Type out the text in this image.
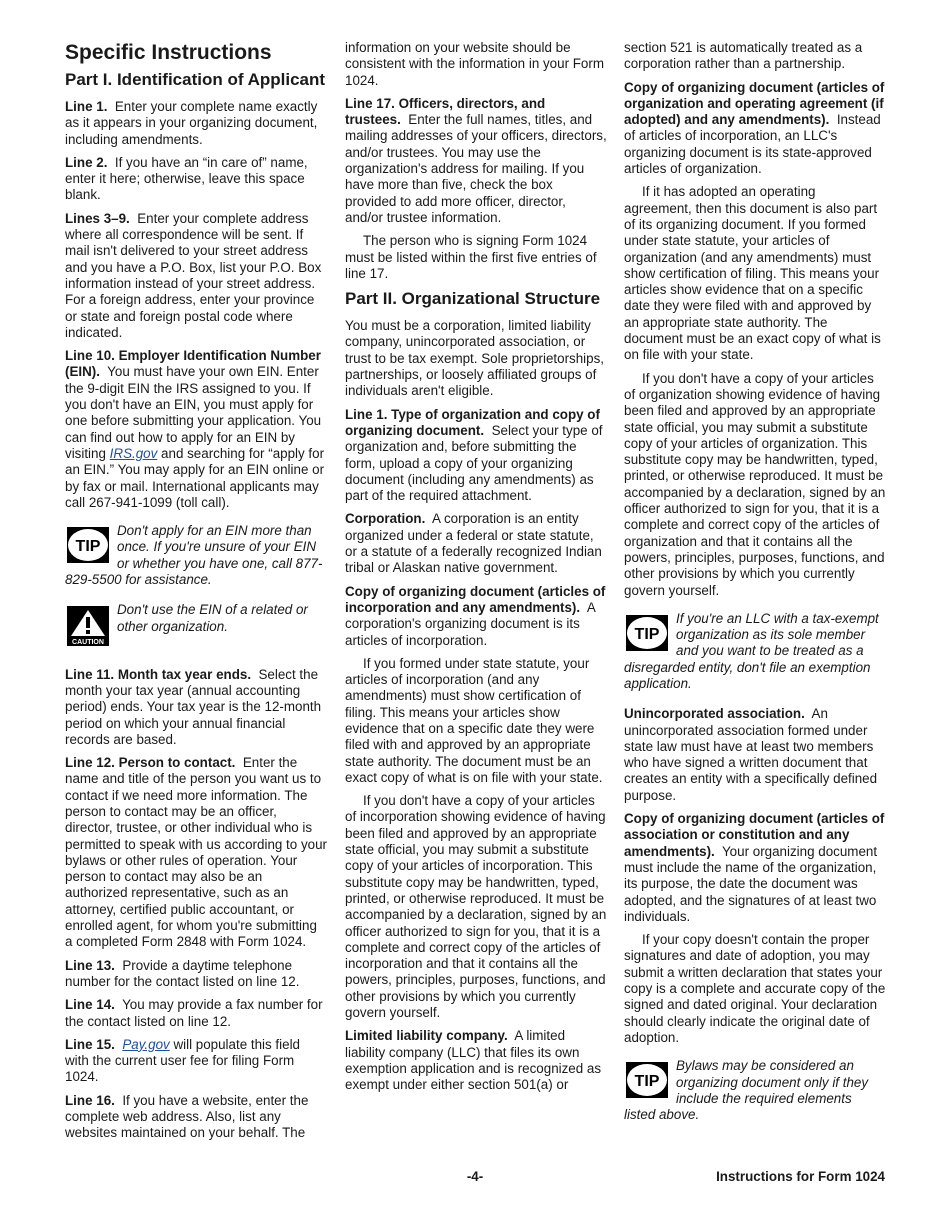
Specific Instructions
Part I. Identification of Applicant

Line 1. Enter your complete name exactly as it appears in your organizing document, including amendments.

Line 2. If you have an “in care of” name, enter it here; otherwise, leave this space blank.

Lines 3–9. Enter your complete address where all correspondence will be sent. If mail isn't delivered to your street address and you have a P.O. Box, list your P.O. Box information instead of your street address. For a foreign address, enter your province or state and foreign postal code where indicated.

Line 10. Employer Identification Number (EIN). You must have your own EIN. Enter the 9-digit EIN the IRS assigned to you. If you don't have an EIN, you must apply for one before submitting your application. You can find out how to apply for an EIN by visiting IRS.gov and searching for “apply for an EIN.” You may apply for an EIN online or by fax or mail. International applicants may call 267-941-1099 (toll call).

TIP
Don't apply for an EIN more than once. If you're unsure of your EIN or whether you have one, call 877-829-5500 for assistance.
CAUTION
Don't use the EIN of a related or other organization.

Line 11. Month tax year ends. Select the month your tax year (annual accounting period) ends. Your tax year is the 12-month period on which your annual financial records are based.

Line 12. Person to contact. Enter the name and title of the person you want us to contact if we need more information. The person to contact may be an officer, director, trustee, or other individual who is permitted to speak with us according to your bylaws or other rules of operation. Your person to contact may also be an authorized representative, such as an attorney, certified public accountant, or enrolled agent, for whom you're submitting a completed Form 2848 with Form 1024.

Line 13. Provide a daytime telephone number for the contact listed on line 12.

Line 14. You may provide a fax number for the contact listed on line 12.

Line 15. Pay.gov will populate this field with the current user fee for filing Form 1024.

Line 16. If you have a website, enter the complete web address. Also, list any websites maintained on your behalf. The

information on your website should be consistent with the information in your Form 1024.

Line 17. Officers, directors, and trustees. Enter the full names, titles, and mailing addresses of your officers, directors, and/or trustees. You may use the organization's address for mailing. If you have more than five, check the box provided to add more officer, director, and/or trustee information.

The person who is signing Form 1024 must be listed within the first five entries of line 17.

Part II. Organizational Structure

You must be a corporation, limited liability company, unincorporated association, or trust to be tax exempt. Sole proprietorships, partnerships, or loosely affiliated groups of individuals aren't eligible.

Line 1. Type of organization and copy of organizing document. Select your type of organization and, before submitting the form, upload a copy of your organizing document (including any amendments) as part of the required attachment.

Corporation. A corporation is an entity organized under a federal or state statute, or a statute of a federally recognized Indian tribal or Alaskan native government.

Copy of organizing document (articles of incorporation and any amendments). A corporation's organizing document is its articles of incorporation.

If you formed under state statute, your articles of incorporation (and any amendments) must show certification of filing. This means your articles show evidence that on a specific date they were filed with and approved by an appropriate state authority. The document must be an exact copy of what is on file with your state.

If you don't have a copy of your articles of incorporation showing evidence of having been filed and approved by an appropriate state official, you may submit a substitute copy of your articles of incorporation. This substitute copy may be handwritten, typed, printed, or otherwise reproduced. It must be accompanied by a declaration, signed by an officer authorized to sign for you, that it is a complete and correct copy of the articles of incorporation and that it contains all the powers, principles, purposes, functions, and other provisions by which you currently govern yourself.

Limited liability company. A limited liability company (LLC) that files its own exemption application and is recognized as exempt under either section 501(a) or

section 521 is automatically treated as a corporation rather than a partnership.

Copy of organizing document (articles of organization and operating agreement (if adopted) and any amendments). Instead of articles of incorporation, an LLC's organizing document is its state-approved articles of organization.

If it has adopted an operating agreement, then this document is also part of its organizing document. If you formed under state statute, your articles of organization (and any amendments) must show certification of filing. This means your articles show evidence that on a specific date they were filed with and approved by an appropriate state authority. The document must be an exact copy of what is on file with your state.

If you don't have a copy of your articles of organization showing evidence of having been filed and approved by an appropriate state official, you may submit a substitute copy of your articles of organization. This substitute copy may be handwritten, typed, printed, or otherwise reproduced. It must be accompanied by a declaration, signed by an officer authorized to sign for you, that it is a complete and correct copy of the articles of organization and that it contains all the powers, principles, purposes, functions, and other provisions by which you currently govern yourself.

TIP
If you're an LLC with a tax-exempt organization as its sole member and you want to be treated as a disregarded entity, don't file an exemption application.

Unincorporated association. An unincorporated association formed under state law must have at least two members who have signed a written document that creates an entity with a specifically defined purpose.

Copy of organizing document (articles of association or constitution and any amendments). Your organizing document must include the name of the organization, its purpose, the date the document was adopted, and the signatures of at least two individuals.

If your copy doesn't contain the proper signatures and date of adoption, you may submit a written declaration that states your copy is a complete and accurate copy of the signed and dated original. Your declaration should clearly indicate the original date of adoption.

TIP
Bylaws may be considered an organizing document only if they include the required elements listed above.
-4-	Instructions for Form 1024
